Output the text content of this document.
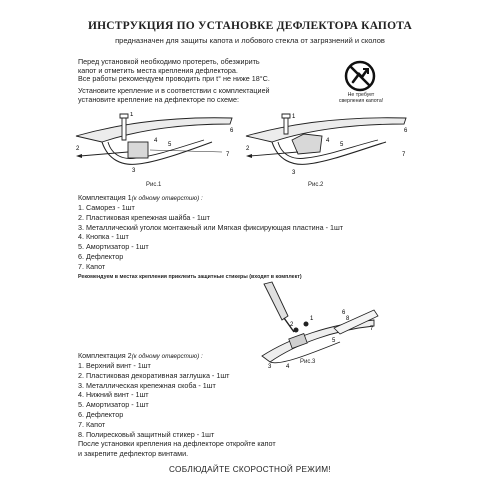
ИНСТРУКЦИЯ ПО УСТАНОВКЕ ДЕФЛЕКТОРА КАПОТА
предназначен для защиты капота и лобового стекла от загрязнений и сколов
Перед установкой необходимо протереть, обезжирить
капот и отметить места крепления дефлектора.
Все работы рекомендуем проводить при t° не ниже 18°C.
Установите крепление и в соответствии с комплектацией
установите крепление на дефлекторе по схеме:	Не требует
сверления капота!
1
2
3
4
5
6
7
Рис.1
1
2
3
4
5
6
7
Рис.2
Комплектация 1(к одному отверстию) :
1. Саморез - 1шт
2. Пластиковая крепежная шайба - 1шт
3. Металлический уголок монтажный или Мягкая фиксирующая пластина - 1шт
4. Кнопка - 1шт
5. Амортизатор - 1шт
6. Дефлектор
7. Капот
Рекомендуем в местах крепления приклеить защитные стикеры (входят в комплект)
1
2
3 4
5
6
7
8
Рис.3
Комплектация 2(к одному отверстию) :
1. Верхний винт - 1шт
2. Пластиковая декоративная заглушка - 1шт
3. Металлическая крепежная скоба - 1шт
4. Нижний винт - 1шт
5. Амортизатор - 1шт
6. Дефлектор
7. Капот
8. Полиресковый защитный стикер - 1шт
После установки крепления на дефлекторе откройте капот
и закрепите дефлектор винтами.
СОБЛЮДАЙТЕ СКОРОСТНОЙ РЕЖИМ!
